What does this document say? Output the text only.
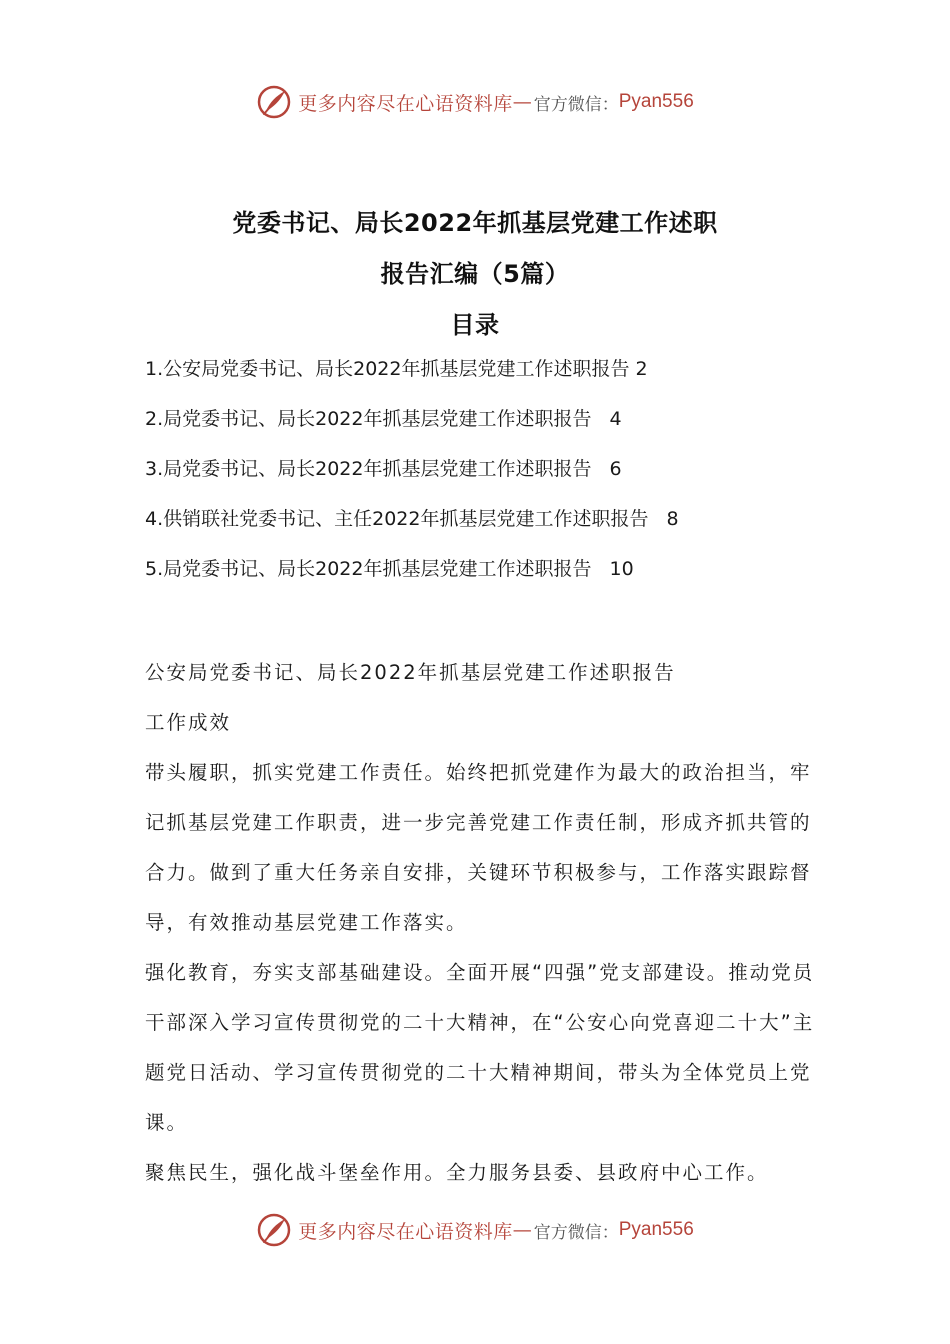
更多内容尽在心语资料库 — 官方微信： Pyan556
党委书记、局长2022年抓基层党建工作述职
报告汇编（5篇）
目录
1.公安局党委书记、局长2022年抓基层党建工作述职报告 2
2.局党委书记、局长2022年抓基层党建工作述职报告 4
3.局党委书记、局长2022年抓基层党建工作述职报告 6
4.供销联社党委书记、主任2022年抓基层党建工作述职报告 8
5.局党委书记、局长2022年抓基层党建工作述职报告 10

公安局党委书记、局长2022年抓基层党建工作述职报告

工作成效

带头履职，抓实党建工作责任。始终把抓党建作为最大的政治担当，牢记抓基层党建工作职责，进一步完善党建工作责任制，形成齐抓共管的合力。做到了重大任务亲自安排，关键环节积极参与，工作落实跟踪督导，有效推动基层党建工作落实。

强化教育，夯实支部基础建设。全面开展“四强”党支部建设。推动党员干部深入学习宣传贯彻党的二十大精神，在“公安心向党喜迎二十大”主题党日活动、学习宣传贯彻党的二十大精神期间，带头为全体党员上党课。

聚焦民生，强化战斗堡垒作用。全力服务县委、县政府中心工作。

更多内容尽在心语资料库 — 官方微信： Pyan556
